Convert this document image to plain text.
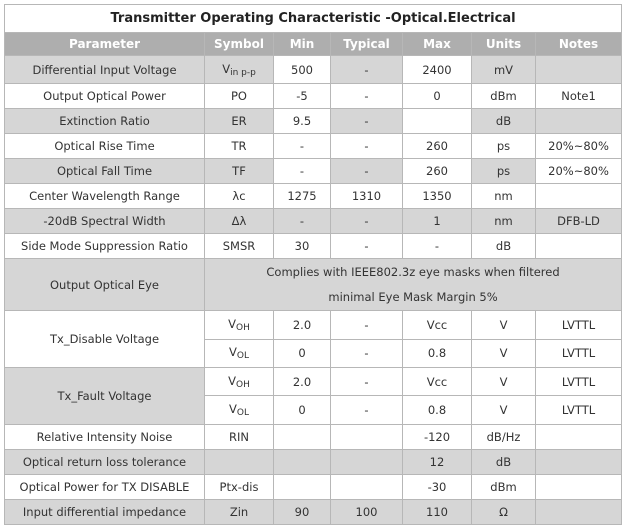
Transmitter Operating Characteristic -Optical.Electrical						
Parameter	Symbol	Min	Typical	Max	Units	Notes
Differential Input Voltage	$V_{in p-p}$	500	-	2400	mV	
Output Optical Power	PO	-5	-	0	dBm	Note1
Extinction Ratio	ER	9.5	-		dB	
Optical Rise Time	TR	-	-	260	ps	20%~80%
Optical Fall Time	TF	-	-	260	ps	20%~80%
Center Wavelength Range	λc	1275	1310	1350	nm	
-20dB Spectral Width	Δλ	-	-	1	nm	DFB-LD
Side Mode Suppression Ratio	SMSR	30	-	-	dB	
Output Optical Eye	Complies with IEEE802.3z eye masks when filtered
minimal Eye Mask Margin 5%					

Tx_Disable Voltage	$V_{OH}$	2.0	-	Vcc	V	LVTTL
	$V_{OL}$	0	-	0.8	V	LVTTL
Tx_Fault Voltage	$V_{OH}$	2.0	-	Vcc	V	LVTTL
	$V_{OL}$	0	-	0.8	V	LVTTL
Relative Intensity Noise	RIN			-120	dB/Hz	
Optical return loss tolerance				12	dB	
Optical Power for TX DISABLE	Ptx-dis			-30	dBm	
Input differential impedance	Zin	90	100	110	Ω	
